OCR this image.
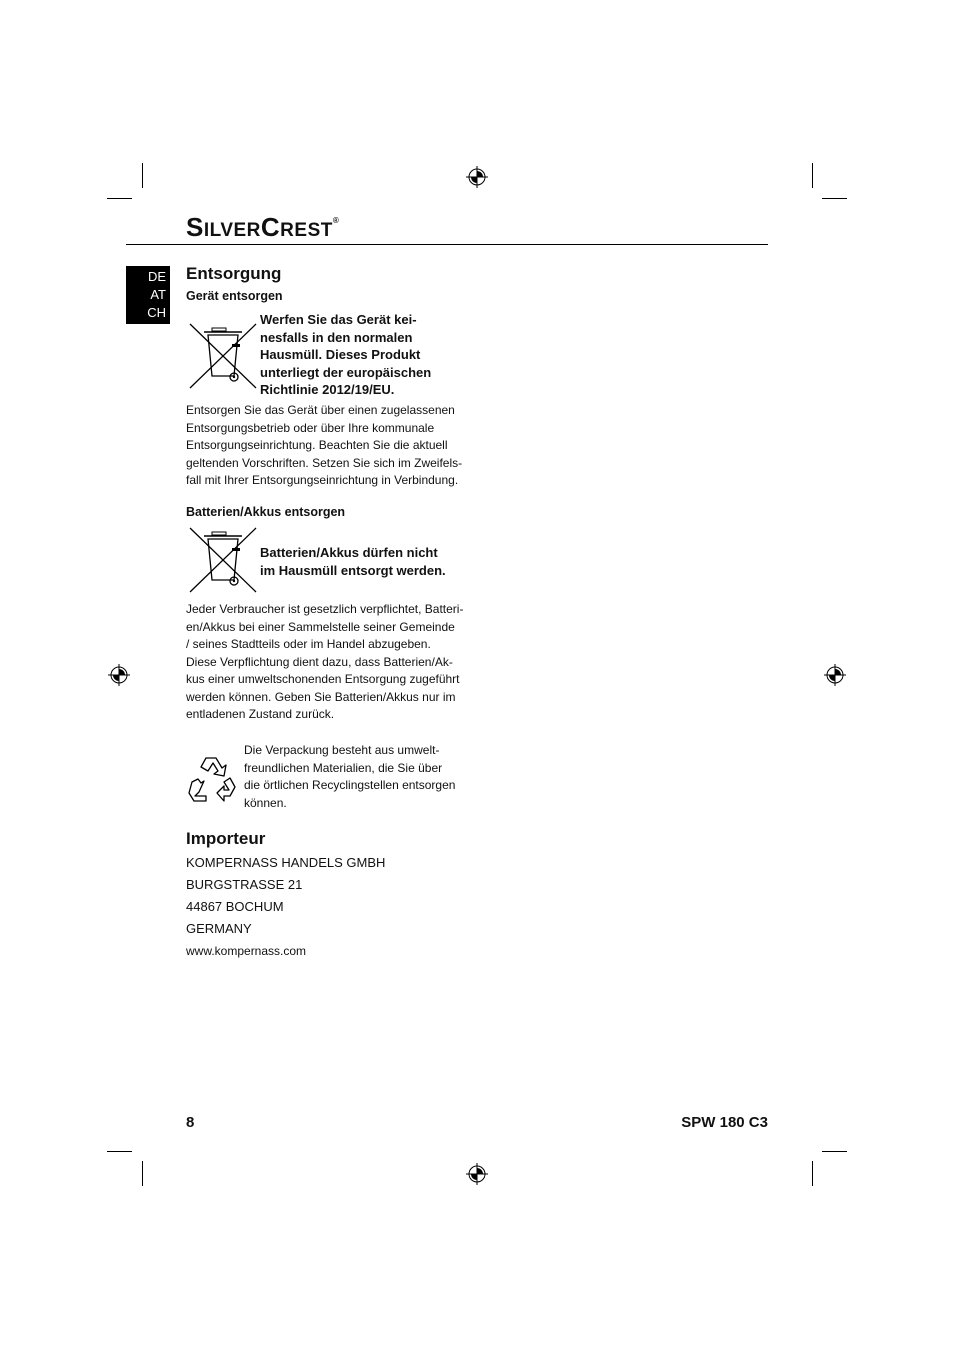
SILVERCREST®
DE
AT
CH
Entsorgung
Gerät entsorgen
Werfen Sie das Gerät kei-
nesfalls in den normalen
Hausmüll. Dieses Produkt
unterliegt der europäischen
Richtlinie 2012/19/EU.
Entsorgen Sie das Gerät über einen zugelassenen
Entsorgungsbetrieb oder über Ihre kommunale
Entsorgungseinrichtung. Beachten Sie die aktuell
geltenden Vorschriften. Setzen Sie sich im Zweifels-
fall mit Ihrer Entsorgungseinrichtung in Verbindung.
Batterien/Akkus entsorgen
Batterien/Akkus dürfen nicht
im Hausmüll entsorgt werden.
Jeder Verbraucher ist gesetzlich verpflichtet, Batteri-
en/Akkus bei einer Sammelstelle seiner Gemeinde
/ seines Stadtteils oder im Handel abzugeben.
Diese Verpflichtung dient dazu, dass Batterien/Ak-
kus einer umweltschonenden Entsorgung zugeführt
werden können. Geben Sie Batterien/Akkus nur im
entladenen Zustand zurück.
Die Verpackung besteht aus umwelt-
freundlichen Materialien, die Sie über
die örtlichen Recyclingstellen entsorgen
können.
Importeur
KOMPERNASS HANDELS GMBH
BURGSTRASSE 21
44867 BOCHUM
GERMANY
www.kompernass.com
8	SPW 180 C3
